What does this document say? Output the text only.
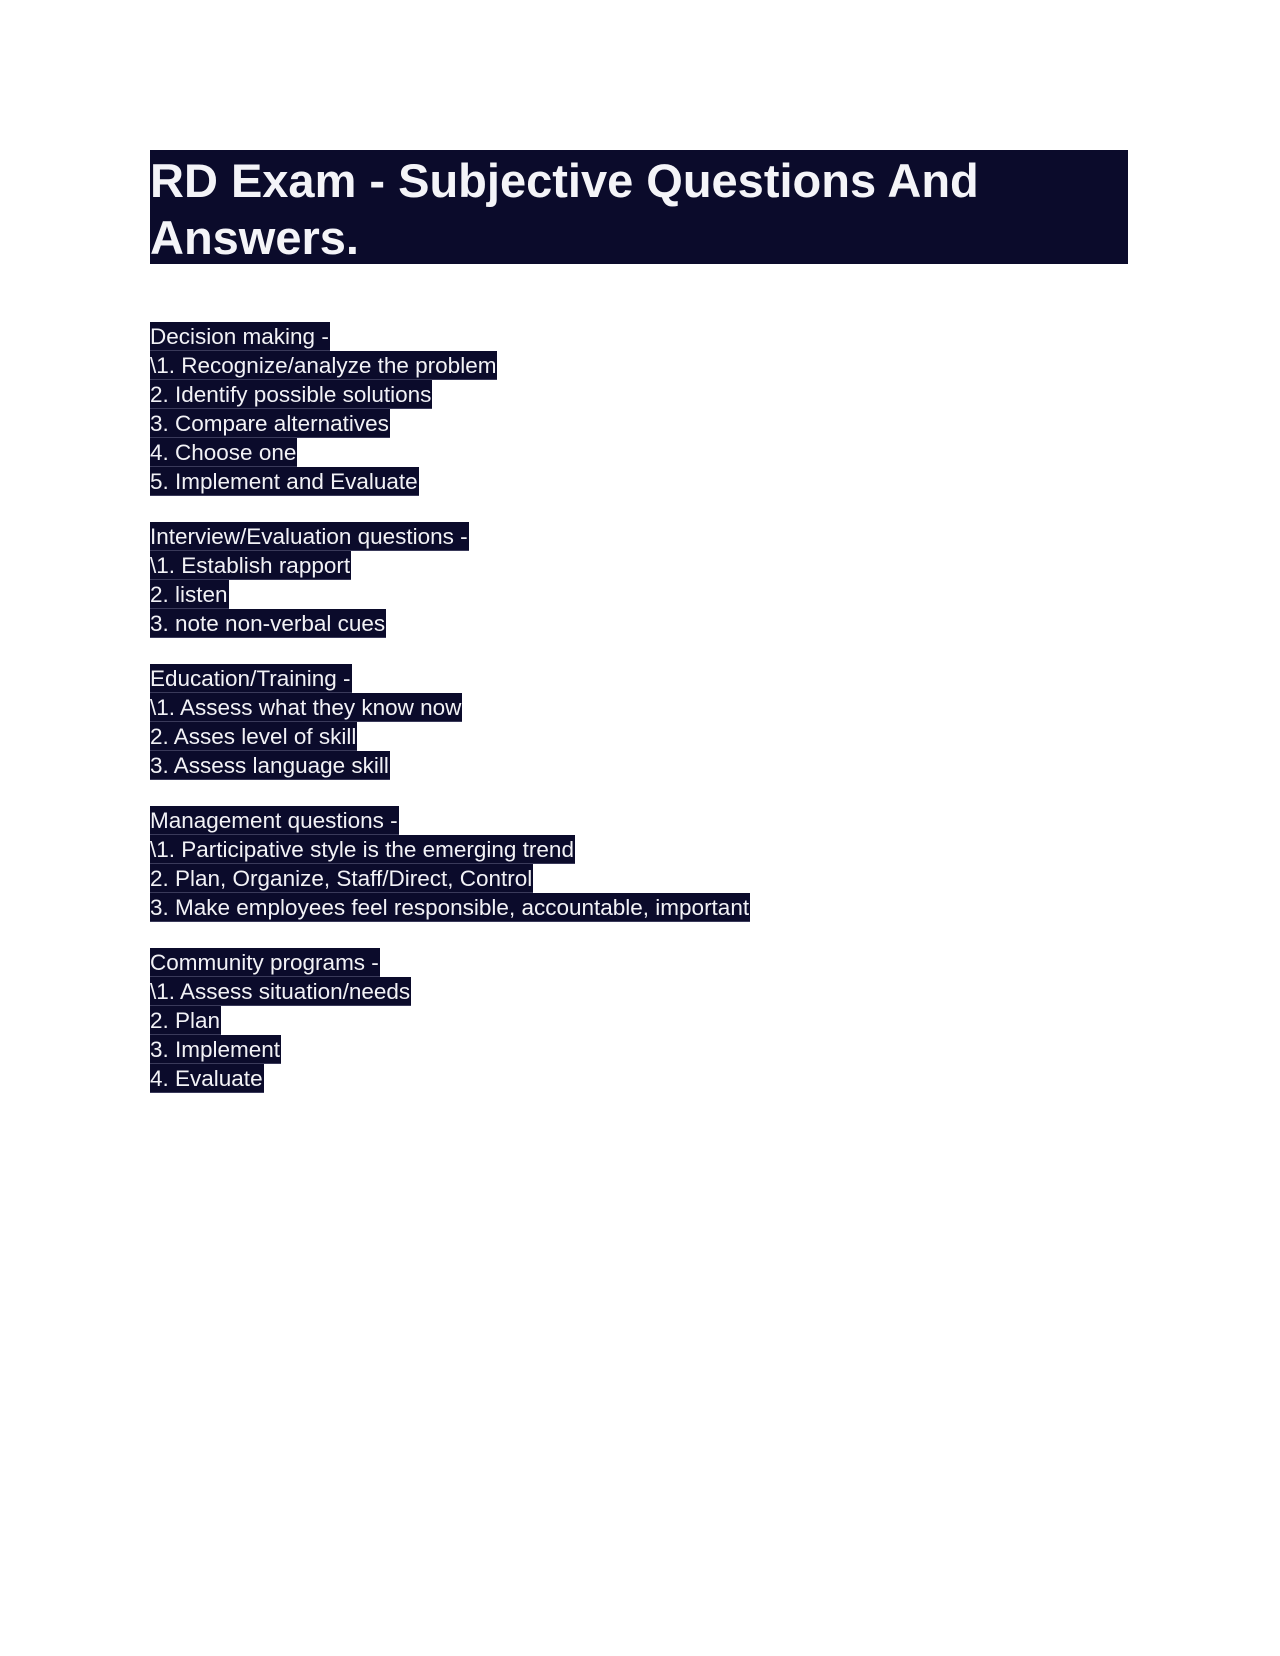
RD Exam - Subjective Questions And Answers.
Decision making -
\1. Recognize/analyze the problem
2. Identify possible solutions
3. Compare alternatives
4. Choose one
5. Implement and Evaluate
Interview/Evaluation questions -
\1. Establish rapport
2. listen
3. note non-verbal cues
Education/Training -
\1. Assess what they know now
2. Asses level of skill
3. Assess language skill
Management questions -
\1. Participative style is the emerging trend
2. Plan, Organize, Staff/Direct, Control
3. Make employees feel responsible, accountable, important
Community programs -
\1. Assess situation/needs
2. Plan
3. Implement
4. Evaluate
